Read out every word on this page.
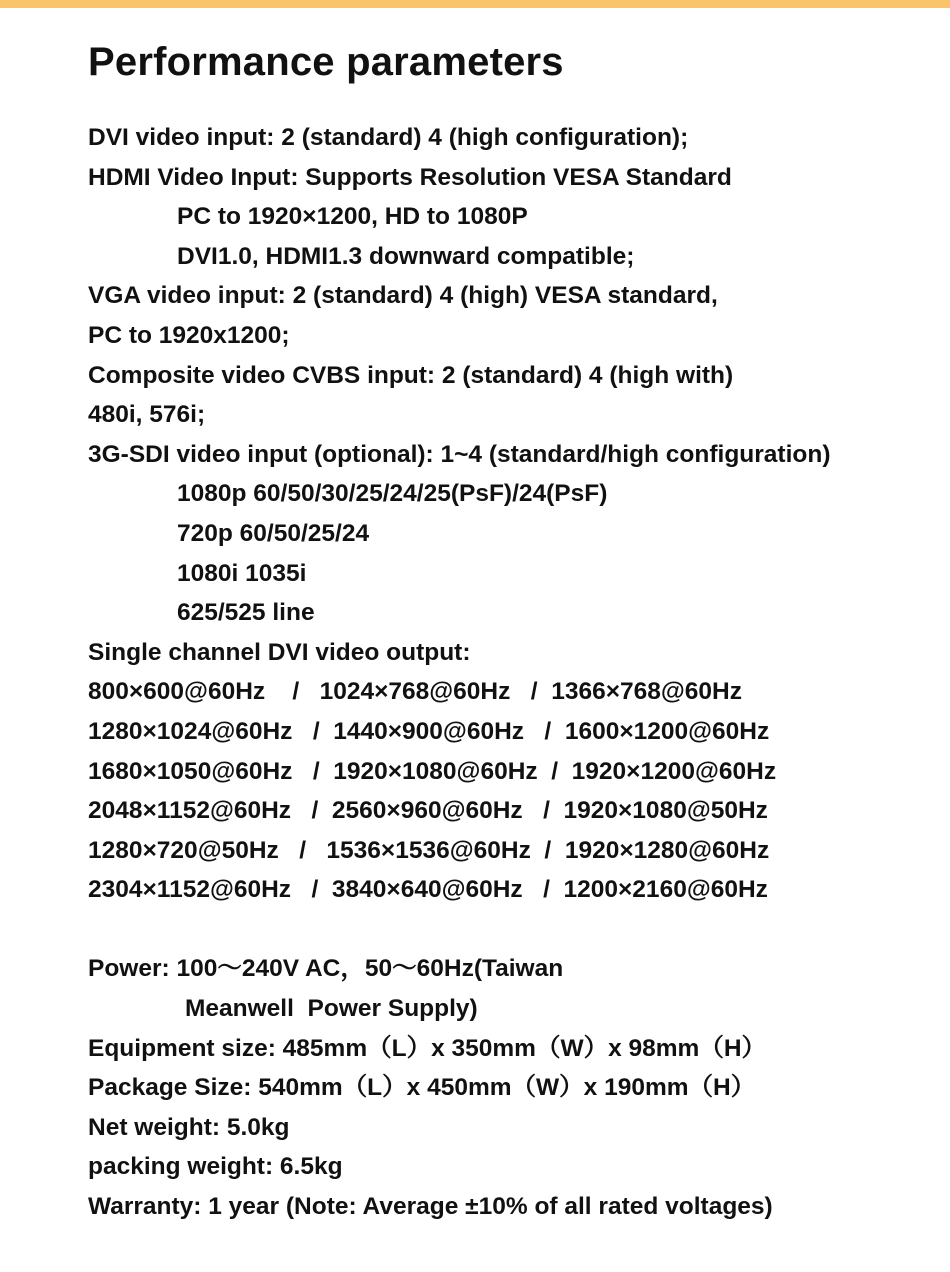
Performance parameters
DVI video input: 2 (standard) 4 (high configuration);
HDMI Video Input: Supports Resolution VESA Standard
PC to 1920×1200, HD to 1080P
DVI1.0, HDMI1.3 downward compatible;
VGA video input: 2 (standard) 4 (high) VESA standard,
PC to 1920x1200;
Composite video CVBS input: 2 (standard) 4 (high with)
480i, 576i;
3G-SDI video input (optional): 1~4 (standard/high configuration)
1080p 60/50/30/25/24/25(PsF)/24(PsF)
720p 60/50/25/24
1080i 1035i
625/525 line
Single channel DVI video output:
800×600@60Hz    /   1024×768@60Hz   /  1366×768@60Hz
1280×1024@60Hz   /  1440×900@60Hz   /  1600×1200@60Hz
1680×1050@60Hz   /  1920×1080@60Hz  /  1920×1200@60Hz
2048×1152@60Hz   /  2560×960@60Hz   /  1920×1080@50Hz
1280×720@50Hz   /   1536×1536@60Hz  /  1920×1280@60Hz
2304×1152@60Hz   /  3840×640@60Hz   /  1200×2160@60Hz
Power: 100～240V AC，50～60Hz(Taiwan
Meanwell  Power Supply)
Equipment size: 485mm（L）x 350mm（W）x 98mm（H）
Package Size: 540mm（L）x 450mm（W）x 190mm（H）
Net weight: 5.0kg
packing weight: 6.5kg
Warranty: 1 year (Note: Average ±10% of all rated voltages)
